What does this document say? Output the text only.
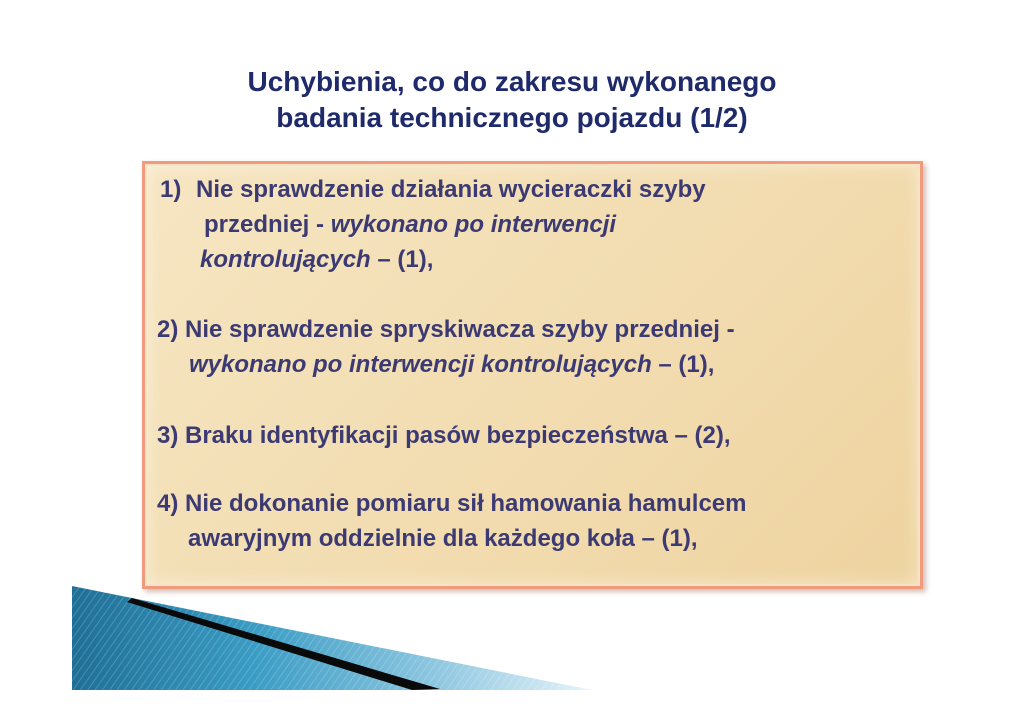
Uchybienia, co do zakresu wykonanego
badania technicznego pojazdu (1/2)
1) Nie sprawdzenie działania wycieraczki szyby
przedniej - wykonano po interwencji
kontrolujących – (1),
2) Nie sprawdzenie spryskiwacza szyby przedniej -
wykonano po interwencji kontrolujących – (1),
3) Braku identyfikacji pasów bezpieczeństwa – (2),
4) Nie dokonanie pomiaru sił hamowania hamulcem
awaryjnym oddzielnie dla każdego koła – (1),
